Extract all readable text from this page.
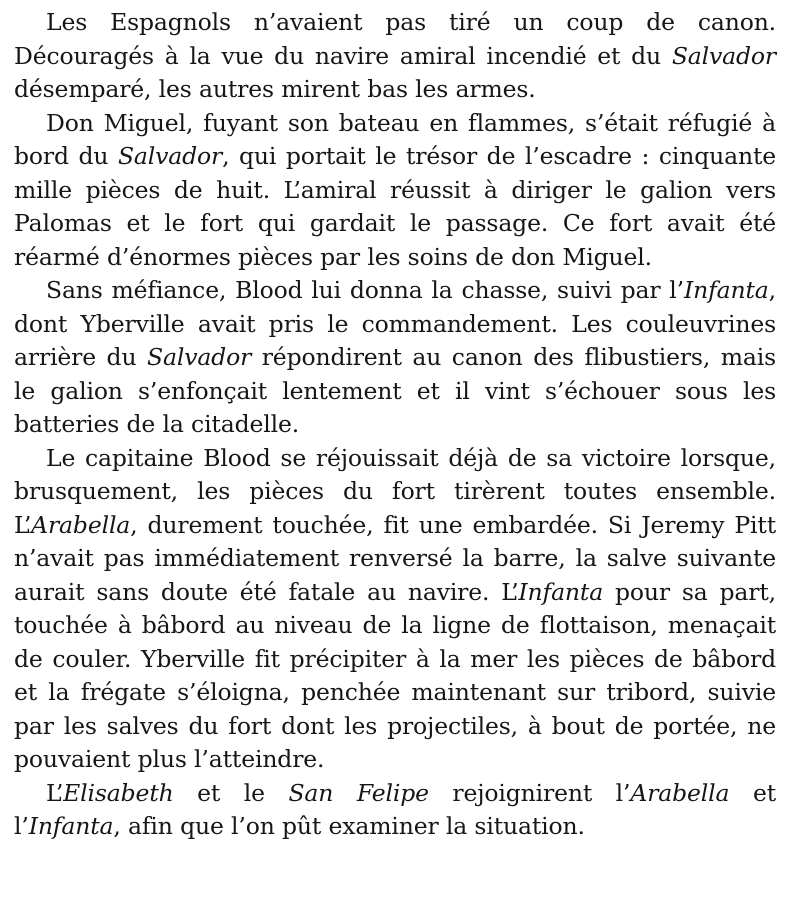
Les Espagnols n’avaient pas tiré un coup de canon. Découragés à la vue du navire amiral incendié et du Salvador désemparé, les autres mirent bas les armes.

Don Miguel, fuyant son bateau en flammes, s’était réfugié à bord du Salvador, qui portait le trésor de l’escadre : cinquante mille pièces de huit. L’amiral réussit à diriger le galion vers Palomas et le fort qui gardait le passage. Ce fort avait été réarmé d’énormes pièces par les soins de don Miguel.

Sans méfiance, Blood lui donna la chasse, suivi par l’Infanta, dont Yberville avait pris le commandement. Les couleuvrines arrière du Salvador répondirent au canon des flibustiers, mais le galion s’enfonçait lentement et il vint s’échouer sous les batteries de la citadelle.

Le capitaine Blood se réjouissait déjà de sa victoire lorsque, brusquement, les pièces du fort tirèrent toutes ensemble. L’Arabella, durement touchée, fit une embardée. Si Jeremy Pitt n’avait pas immédiatement renversé la barre, la salve suivante aurait sans doute été fatale au navire. L’Infanta pour sa part, touchée à bâbord au niveau de la ligne de flottaison, menaçait de couler. Yberville fit précipiter à la mer les pièces de bâbord et la frégate s’éloigna, penchée maintenant sur tribord, suivie par les salves du fort dont les projectiles, à bout de portée, ne pouvaient plus l’atteindre.

L’Elisabeth et le San Felipe rejoignirent l’Arabella et l’Infanta, afin que l’on pût examiner la situation.
